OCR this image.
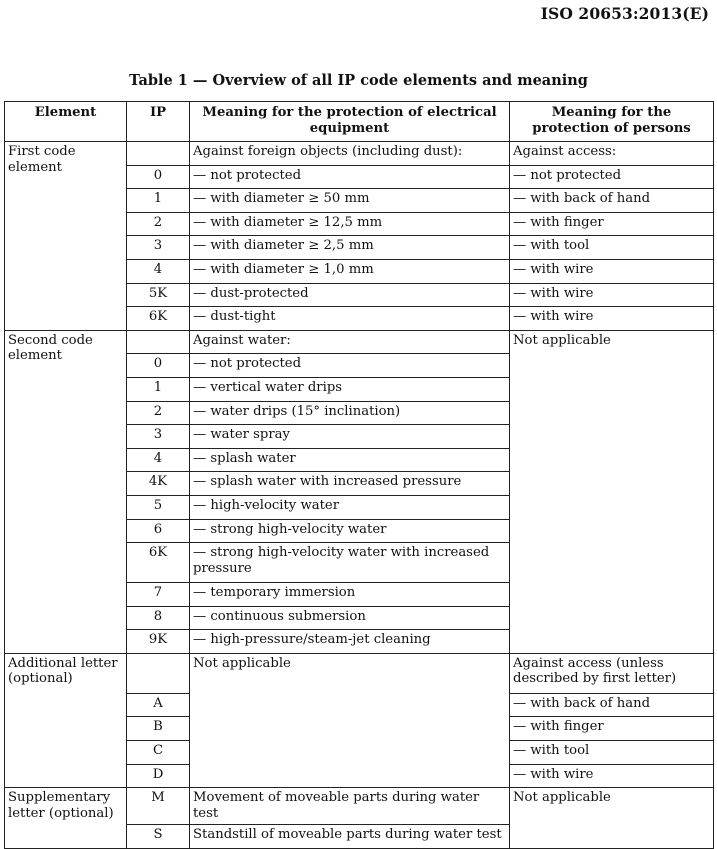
ISO 20653:2013(E)
Table 1 — Overview of all IP code elements and meaning
Element	IP	Meaning for the protection of electrical equipment	Meaning for the protection of persons
First code element		Against foreign objects (including dust):	Against access:
	0	— not protected	— not protected
	1	— with diameter ≥ 50 mm	— with back of hand
	2	— with diameter ≥ 12,5 mm	— with finger
	3	— with diameter ≥ 2,5 mm	— with tool
	4	— with diameter ≥ 1,0 mm	— with wire
	5K	— dust-protected	— with wire
	6K	— dust-tight	— with wire
Second code element		Against water:	Not applicable
	0	— not protected	
	1	— vertical water drips	
	2	— water drips (15° inclination)	
	3	— water spray	
	4	— splash water	
	4K	— splash water with increased pressure	
	5	— high-velocity water	
	6	— strong high-velocity water	
	6K	— strong high-velocity water with increased pressure	
	7	— temporary immersion	
	8	— continuous submersion	
	9K	— high-pressure/steam-jet cleaning	
Additional letter (optional)		Not applicable	Against access (unless described by first letter)
	A		— with back of hand
	B		— with finger
	C		— with tool
	D		— with wire
Supplementary letter (optional)	M	Movement of moveable parts during water test	Not applicable
	S	Standstill of moveable parts during water test	
